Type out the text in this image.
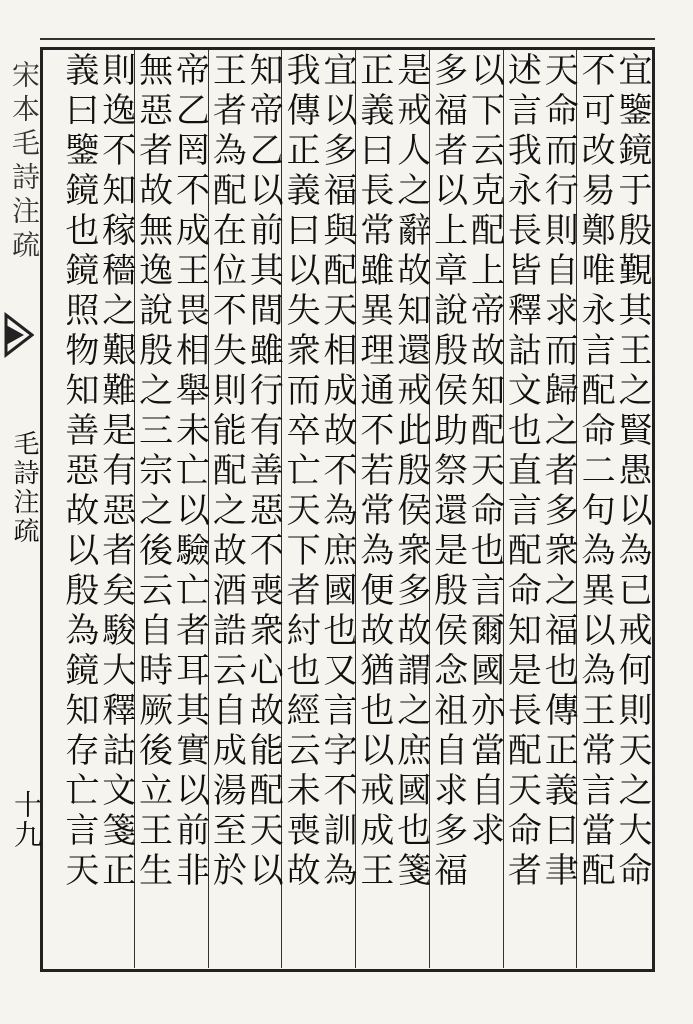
宋本毛詩注疏
毛詩注疏
十九	宜鑒鏡于殷覲其王之賢愚以為已戒何則天之大命
不可改易鄭唯永言配命二句為異以為王常言當配
天命而行則自求而歸之者多衆之福也傳正義曰聿
述言我永長皆釋詁文也直言配命知是長配天命者
以下云克配上帝故知配天命也言爾國亦當自求
多福者以上章說殷侯助祭還是殷侯念祖自求多福
是戒人之辭故知還戒此殷侯衆多故謂之庶國也箋
正義曰長常雖異理通不若常為便故猶也以戒成王
宜以多福與配天相成故不為庶國也又言字不訓為
我傳正義曰以失衆而卒亡天下者紂也經云未喪故
知帝乙以前其間雖行有善惡不喪衆心故能配天以
王者為配在位不失則能配之故酒誥云自成湯至於
帝乙罔不成王畏相舉未亡以驗亡者耳其實以前非
無惡者故無逸說殷之三宗之後云自時厥後立王生
則逸不知稼穡之艱難是有惡者矣駿大釋詁文箋正
義曰鑒鏡也鏡照物知善惡故以殷為鏡知存亡言天
